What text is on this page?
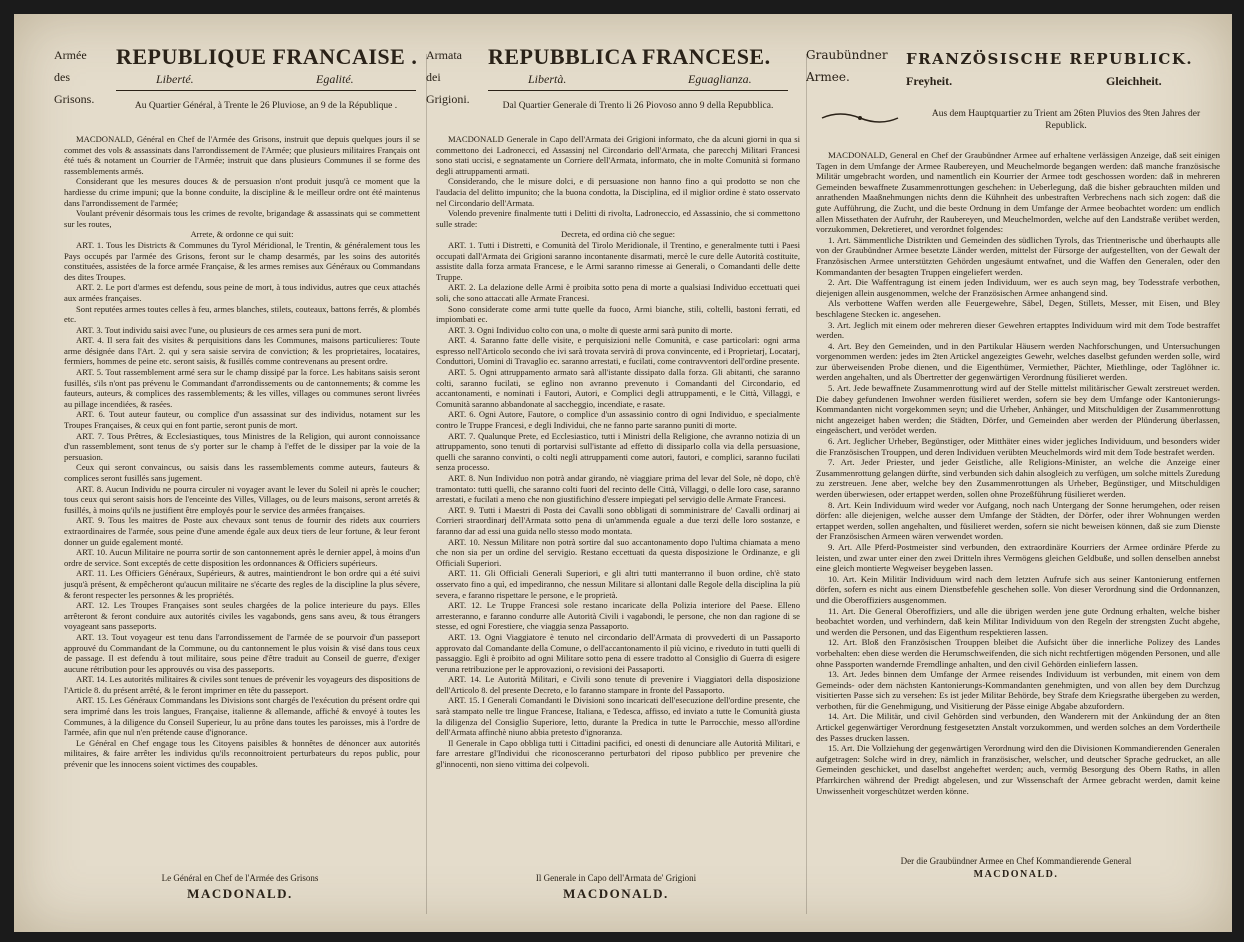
Armée
des
Grisons.
REPUBLIQUE FRANCAISE .
Liberté.	Egalité.
Au Quartier Général, à Trente le 26 Pluviose, an 9 de la République .

MACDONALD, Général en Chef de l'Armée des Grisons, instruit que depuis quelques jours il se commet des vols & assassinats dans l'arrondissement de l'Armée; que plusieurs militaires Français ont été tués & notament un Courrier de l'Armée; instruit que dans plusieurs Communes il se forme des rassemblements armés.

Considerant que les mesures douces & de persuasion n'ont produit jusqu'à ce moment que la hardiesse du crime impuni; que la bonne conduite, la discipline & le meilleur ordre ont été maintenus dans l'arrondissement de l'armée;

Voulant prévenir désormais tous les crimes de revolte, brigandage & assassinats qui se commettent sur les routes,

Arrete, & ordonne ce qui suit:

ART. 1. Tous les Districts & Communes du Tyrol Méridional, le Trentin, & généralement tous les Pays occupés par l'armée des Grisons, feront sur le champ desarmés, par les soins des autorités constituées, assistées de la force armée Française, & les armes remises aux Généraux ou Commandans des dites Troupes.

ART. 2. Le port d'armes est defendu, sous peine de mort, à tous individus, autres que ceux attachés aux armées françaises.

Sont reputées armes toutes celles à feu, armes blanches, stilets, couteaux, battons ferrés, & plombés etc.

ART. 3. Tout individu saisi avec l'une, ou plusieurs de ces armes sera puni de mort.

ART. 4. Il sera fait des visites & perquisitions dans les Communes, maisons particulieres: Toute arme désignée dans l'Art. 2. qui y sera saisie servira de conviction; & les proprietaires, locataires, fermiers, hommes de peine etc. seront saisis, & fusillés comme contrevenans au present ordre.

ART. 5. Tout rassemblement armé sera sur le champ dissipé par la force. Les habitans saisis seront fusillés, s'ils n'ont pas prévenu le Commandant d'arrondissements ou de cantonnements; & comme les fauteurs, auteurs, & complices des rassemblements; & les villes, villages ou communes seront livrées au pillage incendiées, & rasées.

ART. 6. Tout auteur fauteur, ou complice d'un assassinat sur des individus, notament sur les Troupes Françaises, & ceux qui en font partie, seront punis de mort.

ART. 7. Tous Prêtres, & Ecclesiastiques, tous Ministres de la Religion, qui auront connoissance d'un rassemblement, sont tenus de s'y porter sur le champ à l'effet de le dissiper par la voie de la persuasion.

Ceux qui seront convaincus, ou saisis dans les rassemblements comme auteurs, fauteurs & complices seront fusillés sans jugement.

ART. 8. Aucun Individu ne pourra circuler ni voyager avant le lever du Soleil ni après le coucher; tous ceux qui seront saisis hors de l'enceinte des Villes, Villages, ou de leurs maisons, seront arretés & fusillés, à moins qu'ils ne justifient être employés pour le service des armées françaises.

ART. 9. Tous les maitres de Poste aux chevaux sont tenus de fournir des ridets aux courriers extraordinaires de l'armée, sous peine d'une amende égale aux deux tiers de leur fortune, & leur feront donner un guide egalement monté.

ART. 10. Aucun Militaire ne pourra sortir de son cantonnement après le dernier appel, à moins d'un ordre de service. Sont exceptés de cette disposition les ordonnances & Officiers supérieurs.

ART. 11. Les Officiers Généraux, Supérieurs, & autres, maintiendront le bon ordre qui a été suivi jusqu'à présent, & empêcheront qu'aucun militaire ne s'écarte des regles de la discipline la plus sévere, & feront respecter les personnes & les propriétés.

ART. 12. Les Troupes Françaises sont seules chargées de la police interieure du pays. Elles arrêteront & feront conduire aux autorités civiles les vagabonds, gens sans aveu, & tous étrangers voyageant sans passeports.

ART. 13. Tout voyageur est tenu dans l'arrondissement de l'armée de se pourvoir d'un passeport approuvé du Commandant de la Commune, ou du cantonnement le plus voisin & visé dans tous ceux de passage. Il est defendu à tout militaire, sous peine d'être traduit au Conseil de guerre, d'exiger aucune rétribution pour les approuvés ou visa des passeports.

ART. 14. Les autorités militaires & civiles sont tenues de prévenir les voyageurs des dispositions de l'Article 8. du présent arrêté, & le feront imprimer en tête du passeport.

ART. 15. Les Généraux Commandans les Divisions sont chargés de l'exécution du présent ordre qui sera imprimé dans les trois langues, Française, italienne & allemande, affiché & envoyé à toutes les Communes, à la diligence du Conseil Superieur, lu au prône dans toutes les paroisses, mis à l'ordre de l'armée, afin que nul n'en prétende cause d'ignorance.

Le Général en Chef engage tous les Citoyens paisibles & honnêtes de dénoncer aux autorités militaires, & faire arrêter les individus qu'ils reconnoitroient perturbateurs du repos public, pour prévenir que les innocens soient victimes des coupables.

Le Général en Chef de l'Armée des Grisons
MACDONALD.
Armata
dei
Grigioni.
REPUBBLICA FRANCESE.
Libertà.	Eguaglianza.
Dal Quartier Generale di Trento li 26 Piovoso anno 9 della Repubblica.

MACDONALD Generale in Capo dell'Armata dei Grigioni informato, che da alcuni giorni in qua si commettono dei Ladronecci, ed Assassinj nel Circondario dell'Armata, che parecchj Militari Francesi sono stati uccisi, e segnatamente un Corriere dell'Armata, informato, che in molte Comunità si formano degli attruppamenti armati.

Considerando, che le misure dolci, e di persuasione non hanno fino a quì prodotto se non che l'audacia del delitto impunito; che la buona condotta, la Disciplina, ed il miglior ordine è stato osservato nel Circondario dell'Armata.

Volendo prevenire finalmente tutti i Delitti di rivolta, Ladroneccio, ed Assassinio, che si commettono sulle strade:

Decreta, ed ordina ciò che segue:

ART. 1. Tutti i Distretti, e Comunità del Tirolo Meridionale, il Trentino, e generalmente tutti i Paesi occupati dall'Armata dei Grigioni saranno incontanente disarmati, mercè le cure delle Autorità costituite, assistite dalla forza armata Francese, e le Armi saranno rimesse ai Generali, o Comandanti delle dette Truppe.

ART. 2. La delazione delle Armi è proibita sotto pena di morte a qualsiasi Individuo eccettuati quei soli, che sono attaccati alle Armate Francesi.

Sono considerate come armi tutte quelle da fuoco, Armi bianche, stili, coltelli, bastoni ferrati, ed impiombati ec.

ART. 3. Ogni Individuo colto con una, o molte di queste armi sarà punito di morte.

ART. 4. Saranno fatte delle visite, e perquisizioni nelle Comunità, e case particolari: ogni arma espresso nell'Articolo secondo che ivi sarà trovata servirà di prova convincente, ed i Proprietarj, Locatarj, Conduttori, Uomini di Travaglio ec. saranno arrestati, e fucilati, come contravventori dell'ordine presente.

ART. 5. Ogni attruppamento armato sarà all'istante dissipato dalla forza. Gli abitanti, che saranno colti, saranno fucilati, se eglino non avranno prevenuto i Comandanti del Circondario, ed accantonamenti, e nominati i Fautori, Autori, e Complici degli attruppamenti, e le Città, Villaggi, e Comunità saranno abbandonate al saccheggio, incendiate, e rasate.

ART. 6. Ogni Autore, Fautore, o complice d'un assassinio contro di ogni Individuo, e specialmente contro le Truppe Francesi, e degli Individui, che ne fanno parte saranno puniti di morte.

ART. 7. Qualunque Prete, ed Ecclesiastico, tutti i Ministri della Religione, che avranno notizia di un attruppamento, sono tenuti di portarvisi sull'istante ad effetto di dissiparlo colla via della persuasione, quelli che saranno convinti, o colti negli attruppamenti come autori, fautori, e complici, saranno fucilati senza processo.

ART. 8. Nun Individuo non potrà andar girando, nè viaggiare prima del levar del Sole, nè dopo, ch'è tramontato: tutti quelli, che saranno colti fuori del recinto delle Città, Villaggi, o delle loro case, saranno arrestati, e fucilati a meno che non giustifichino d'essere impiegati pel servigio delle Armate Francesi.

ART. 9. Tutti i Maestri di Posta dei Cavalli sono obbligati di somministrare de' Cavalli ordinarj ai Corrieri straordinarj dell'Armata sotto pena di un'ammenda eguale a due terzi delle loro sostanze, e faranno dar ad essi una guida nello stesso modo montata.

ART. 10. Nessun Militare non potrà sortire dal suo accantonamento dopo l'ultima chiamata a meno che non sia per un ordine del servigio. Restano eccettuati da questa disposizione le Ordinanze, e gli Officiali Superiori.

ART. 11. Gli Officiali Generali Superiori, e gli altri tutti manterranno il buon ordine, ch'è stato osservato fino a quì, ed impediranno, che nessun Militare si allontani dalle Regole della disciplina la più severa, e faranno rispettare le persone, e le proprietà.

ART. 12. Le Truppe Francesi sole restano incaricate della Polizia interiore del Paese. Elleno arresteranno, e faranno condurre alle Autorità Civili i vagabondi, le persone, che non dan ragione di se stesse, ed ogni Forestiere, che viaggia senza Passaporto.

ART. 13. Ogni Viaggiatore è tenuto nel circondario dell'Armata di provvederti di un Passaporto approvato dal Comandante della Comune, o dell'accantonamento il più vicino, e riveduto in tutti quelli di passaggio. Egli è proibito ad ogni Militare sotto pena di essere tradotto al Consiglio di Guerra di esigere veruna retribuzione per le approvazioni, o revisioni dei Passaporti.

ART. 14. Le Autorità Militari, e Civili sono tenute di prevenire i Viaggiatori della disposizione dell'Articolo 8. del presente Decreto, e lo faranno stampare in fronte del Passaporto.

ART. 15. I Generali Comandanti le Divisioni sono incaricati dell'esecuzione dell'ordine presente, che sarà stampato nelle tre lingue Francese, Italiana, e Tedesca, affisso, ed inviato a tutte le Comunità giusta la diligenza del Consiglio Superiore, letto, durante la Predica in tutte le Parrocchie, messo all'ordine dell'Armata affinchè niuno abbia pretesto d'ignoranza.

Il Generale in Capo obbliga tutti i Cittadini pacifici, ed onesti di denunciare alle Autorità Militari, e fare arrestare gl'Individui che riconosceranno perturbatori del riposo pubblico per prevenire che gl'innocenti, non sieno vittima dei colpevoli.

Il Generale in Capo dell'Armata de' Grigioni
MACDONALD.
Graubündner
Armee.
FRANZÖSISCHE REPUBLICK.
Freyheit.	Gleichheit.
Aus dem Hauptquartier zu Trient am 26ten Pluvios des 9ten Jahres der Republick.

MACDONALD, General en Chef der Graubündner Armee auf erhaltene verlässigen Anzeige, daß seit einigen Tagen in dem Umfange der Armee Raubereyen, und Meuchelmorde begangen werden: daß manche französische Militär umgebracht worden, und namentlich ein Kourrier der Armee todt geschossen worden: daß in mehreren Gemeinden bewaffnete Zusammenrottungen geschehen: in Ueberlegung, daß die bisher gebrauchten milden und anrathenden Maaßnehmungen nichts denn die Kühnheit des unbestraften Verbrechens nach sich zogen: daß die gute Aufführung, die Zucht, und die beste Ordnung in dem Umfange der Armee beobachtet worden: um endlich allen Missethaten der Aufruhr, der Raubereyen, und Meuchelmorden, welche auf den Landstraße verübet werden, vorzukommen, Dekretieret, und verordnet folgendes:

1. Art. Sämmentliche Distrikten und Gemeinden des südlichen Tyrols, das Trientnerische und überhaupts alle von der Graubündner Armee besetzte Länder werden, mittelst der Fürsorge der aufgestellten, von der Gewalt der Französischen Armee unterstützten Gehörden ungesäumt entwafnet, und die Waffen den Generalen, oder den Kommandanten der besagten Truppen eingeliefert werden.

2. Art. Die Waffentragung ist einem jeden Individuum, wer es auch seyn mag, bey Todesstrafe verbothen, diejenigen allein ausgenommen, welche der Französischen Armee anhangend sind.

Als verbottene Waffen werden alle Feuergewehre, Säbel, Degen, Stillets, Messer, mit Eisen, und Bley beschlagene Stecken ic. angesehen.

3. Art. Jeglich mit einem oder mehreren dieser Gewehren ertapptes Individuum wird mit dem Tode bestraffet werden.

4. Art. Bey den Gemeinden, und in den Partikular Häusern werden Nachforschungen, und Untersuchungen vorgenommen werden: jedes im 2ten Artickel angezeigtes Gewehr, welches daselbst gefunden werden solle, wird zur überweisenden Probe dienen, und die Eigenthümer, Vermiether, Pächter, Miethlinge, oder Taglöhner ic. werden angehalten, und als Übertretter der gegenwärtigen Verordnung füsilieret werden.

5. Art. Jede bewaffnete Zusammenrottung wird auf der Stelle mittelst militärischer Gewalt zerstreuet werden. Die dabey gefundenen Inwohner werden füsilieret werden, sofern sie bey dem Umfange oder Kantonierungs-Kommandanten nicht vorgekommen seyn; und die Urheber, Anhänger, und Mitschuldigen der Zusammenrottung nicht angezeiget haben werden; die Städten, Dörfer, und Gemeinden aber werden der Plünderung überlassen, eingeäschert, und verödet werden.

6. Art. Jeglicher Urheber, Begünstiger, oder Mitthäter eines wider jegliches Individuum, und besonders wider die Französischen Trouppen, und deren Individuen verübten Meuchelmords wird mit dem Tode bestrafet werden.

7. Art. Jeder Priester, und jeder Geistliche, alle Religions-Minister, an welche die Anzeige einer Zusammenrottung gelangen dürfte, sind verbunden sich dahin alsogleich zu verfügen, um solche mittels Zuredung zu zerstreuen. Jene aber, welche bey den Zusammenrottungen als Urheber, Begünstiger, und Mitschuldigen werden überwiesen, oder ertappet werden, sollen ohne Prozeßführung füsilieret werden.

8. Art. Kein Individuum wird weder vor Aufgang, noch nach Untergang der Sonne herumgehen, oder reisen dörfen: alle diejenigen, welche ausser dem Umfange der Städten, der Dörfer, oder ihrer Wohnungen werden ertappet werden, sollen angehalten, und füsilieret werden, sofern sie nicht beweisen können, daß sie zum Dienste der Französischen Armeen wären verwendet worden.

9. Art. Alle Pferd-Postmeister sind verbunden, den extraordinäre Kourriers der Armee ordinäre Pferde zu leisten, und zwar unter einer den zwei Dritteln ihres Vermögens gleichen Geldbuße, und sollen denselben annebst eine gleich montierte Wegweiser beygeben lassen.

10. Art. Kein Militär Individuum wird nach dem letzten Aufrufe sich aus seiner Kantonierung entfernen dörfen, sofern es nicht aus einem Dienstbefehle geschehen solle. Von dieser Verordnung sind die Ordonnanzen, und die Oberoffiziers ausgenommen.

11. Art. Die General Oberoffiziers, und alle die übrigen werden jene gute Ordnung erhalten, welche bisher beobachtet worden, und verhindern, daß kein Militar Individuum von den Regeln der strengsten Zucht abgehe, und werden die Personen, und das Eigenthum respektieren lassen.

12. Art. Bloß den Französischen Trouppen bleibet die Aufsicht über die innerliche Polizey des Landes vorbehalten: eben diese werden die Herumschweifenden, die sich nicht rechtfertigen mögenden Personen, und alle ohne Passporten wandernde Fremdlinge anhalten, und den civil Gehörden einliefern lassen.

13. Art. Jedes binnen dem Umfange der Armee reisendes Individuum ist verbunden, mit einem von dem Gemeinds- oder dem nächsten Kantonierungs-Kommandanten genehmigten, und von allen bey dem Durchzug visitierten Passe sich zu versehen: Es ist jeder Militar Behörde, bey Strafe dem Kriegsrathe übergeben zu werden, verbothen, für die Genehmigung, und Visitierung der Pässe einige Abgabe abzufordern.

14. Art. Die Militär, und civil Gehörden sind verbunden, den Wanderern mit der Ankündung der an 8ten Artickel gegenwärtiger Verordnung festgesetzten Anstalt vorzukommen, und werden solches an dem Vordertheile des Passes drucken lassen.

15. Art. Die Vollziehung der gegenwärtigen Verordnung wird den die Divisionen Kommandierenden Generalen aufgetragen: Solche wird in drey, nämlich in französischer, welscher, und deutscher Sprache gedrucket, an alle Gemeinden geschicket, und daselbst angeheftet werden; auch, vermög Besorgung des Obern Raths, in allen Pfarrkirchen während der Predigt abgelesen, und zur Wissenschaft der Armee gebracht werden, damit keine Unwissenheit vorgeschützet werden könne.

Der die Graubündner Armee en Chef Kommandierende General
MACDONALD.
